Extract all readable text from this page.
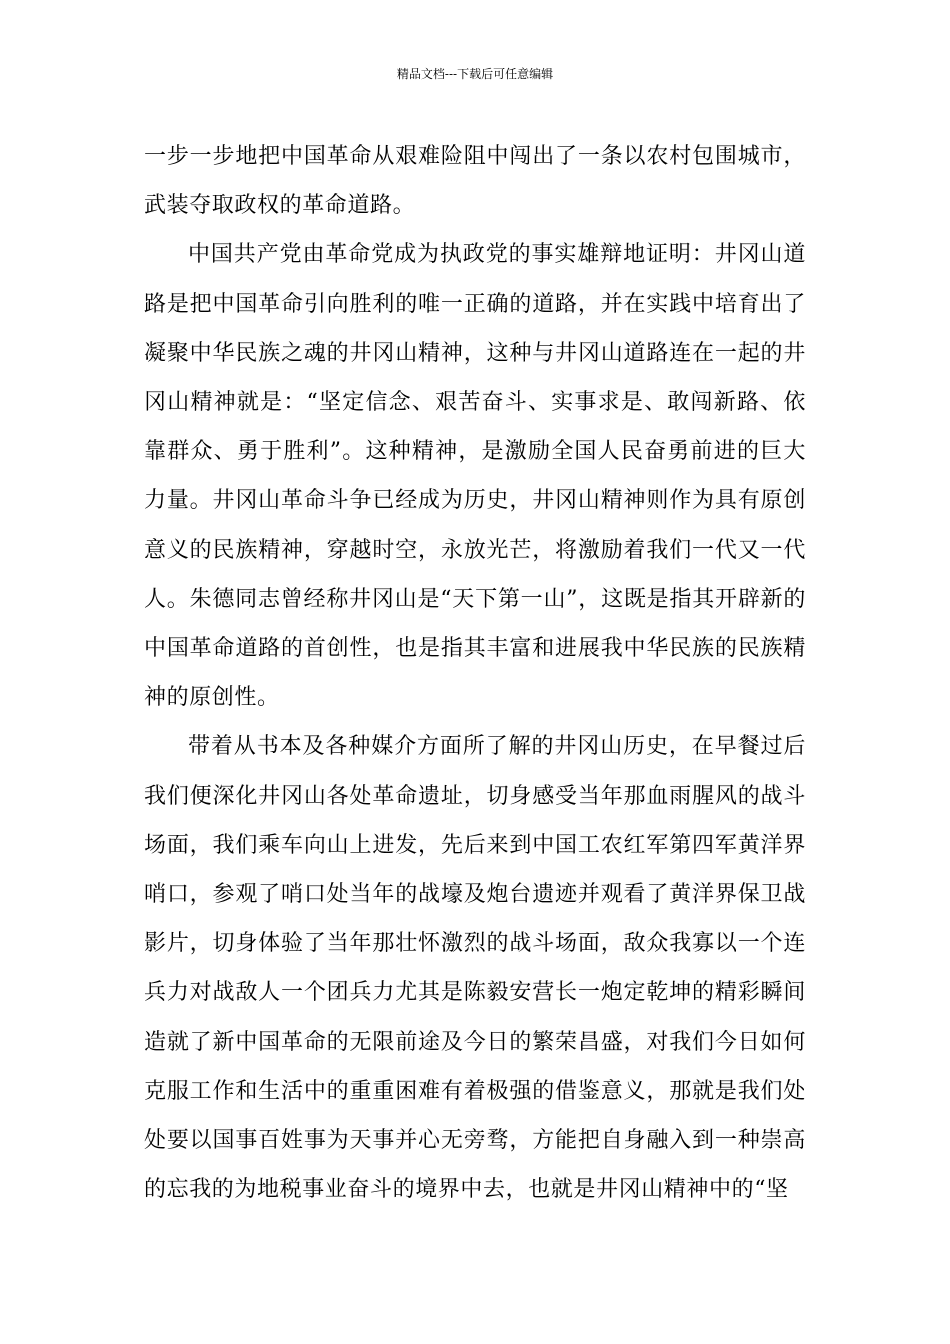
精品文档---下载后可任意编辑

一步一步地把中国革命从艰难险阻中闯出了一条以农村包围城市，武装夺取政权的革命道路。

中国共产党由革命党成为执政党的事实雄辩地证明：井冈山道路是把中国革命引向胜利的唯一正确的道路，并在实践中培育出了凝聚中华民族之魂的井冈山精神，这种与井冈山道路连在一起的井冈山精神就是：“坚定信念、艰苦奋斗、实事求是、敢闯新路、依靠群众、勇于胜利”。这种精神，是激励全国人民奋勇前进的巨大力量。井冈山革命斗争已经成为历史，井冈山精神则作为具有原创意义的民族精神，穿越时空，永放光芒，将激励着我们一代又一代人。朱德同志曾经称井冈山是“天下第一山”，这既是指其开辟新的中国革命道路的首创性，也是指其丰富和进展我中华民族的民族精神的原创性。

带着从书本及各种媒介方面所了解的井冈山历史，在早餐过后我们便深化井冈山各处革命遗址，切身感受当年那血雨腥风的战斗场面，我们乘车向山上进发，先后来到中国工农红军第四军黄洋界哨口，参观了哨口处当年的战壕及炮台遗迹并观看了黄洋界保卫战影片，切身体验了当年那壮怀激烈的战斗场面，敌众我寡以一个连兵力对战敌人一个团兵力尤其是陈毅安营长一炮定乾坤的精彩瞬间造就了新中国革命的无限前途及今日的繁荣昌盛，对我们今日如何克服工作和生活中的重重困难有着极强的借鉴意义，那就是我们处处要以国事百姓事为天事并心无旁骛，方能把自身融入到一种崇高的忘我的为地税事业奋斗的境界中去，也就是井冈山精神中的“坚
